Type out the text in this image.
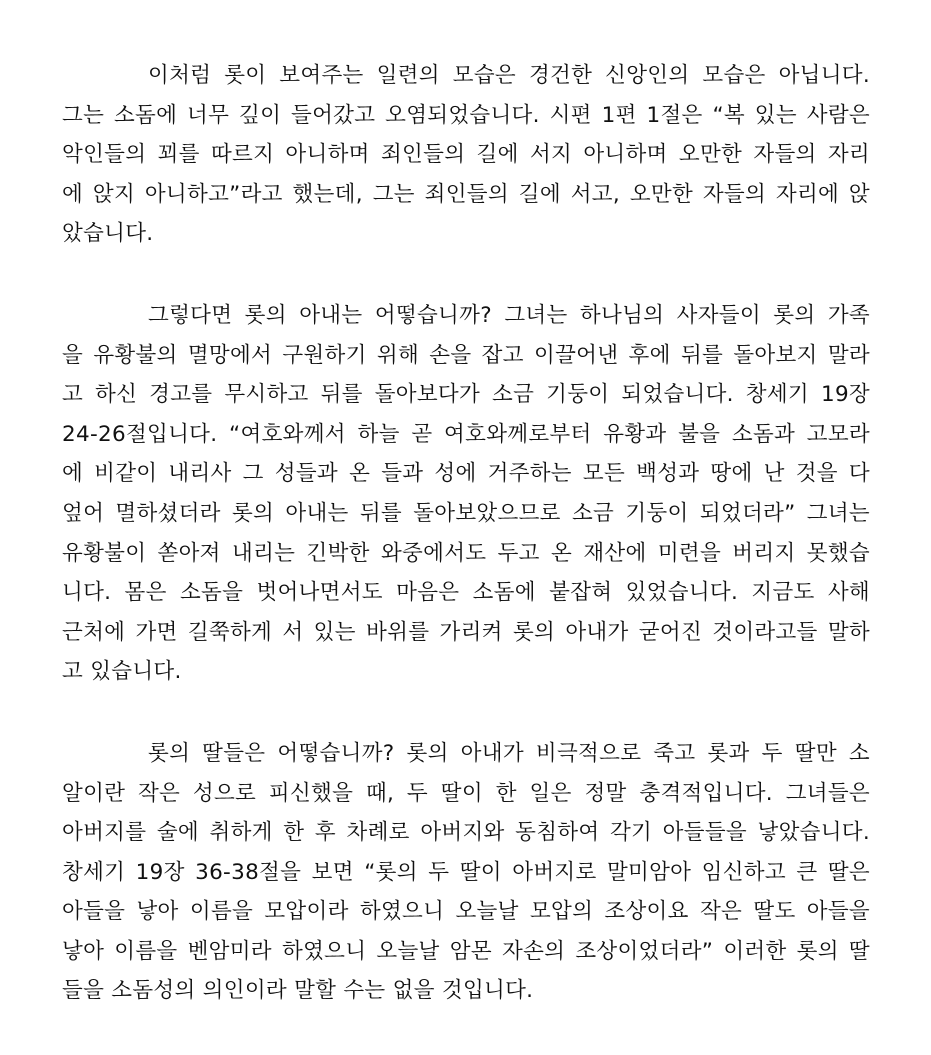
이처럼 롯이 보여주는 일련의 모습은 경건한 신앙인의 모습은 아닙니다.
그는 소돔에 너무 깊이 들어갔고 오염되었습니다. 시편 1편 1절은 “복 있는 사람은
악인들의 꾀를 따르지 아니하며 죄인들의 길에 서지 아니하며 오만한 자들의 자리
에 앉지 아니하고”라고 했는데, 그는 죄인들의 길에 서고, 오만한 자들의 자리에 앉
았습니다.
그렇다면 롯의 아내는 어떻습니까? 그녀는 하나님의 사자들이 롯의 가족
을 유황불의 멸망에서 구원하기 위해 손을 잡고 이끌어낸 후에 뒤를 돌아보지 말라
고 하신 경고를 무시하고 뒤를 돌아보다가 소금 기둥이 되었습니다. 창세기 19장
24-26절입니다. “여호와께서 하늘 곧 여호와께로부터 유황과 불을 소돔과 고모라
에 비같이 내리사 그 성들과 온 들과 성에 거주하는 모든 백성과 땅에 난 것을 다
엎어 멸하셨더라 롯의 아내는 뒤를 돌아보았으므로 소금 기둥이 되었더라” 그녀는
유황불이 쏟아져 내리는 긴박한 와중에서도 두고 온 재산에 미련을 버리지 못했습
니다. 몸은 소돔을 벗어나면서도 마음은 소돔에 붙잡혀 있었습니다. 지금도 사해
근처에 가면 길쭉하게 서 있는 바위를 가리켜 롯의 아내가 굳어진 것이라고들 말하
고 있습니다.
롯의 딸들은 어떻습니까? 롯의 아내가 비극적으로 죽고 롯과 두 딸만 소
알이란 작은 성으로 피신했을 때, 두 딸이 한 일은 정말 충격적입니다. 그녀들은
아버지를 술에 취하게 한 후 차례로 아버지와 동침하여 각기 아들들을 낳았습니다.
창세기 19장 36-38절을 보면 “롯의 두 딸이 아버지로 말미암아 임신하고 큰 딸은
아들을 낳아 이름을 모압이라 하였으니 오늘날 모압의 조상이요 작은 딸도 아들을
낳아 이름을 벤암미라 하였으니 오늘날 암몬 자손의 조상이었더라” 이러한 롯의 딸
들을 소돔성의 의인이라 말할 수는 없을 것입니다.
